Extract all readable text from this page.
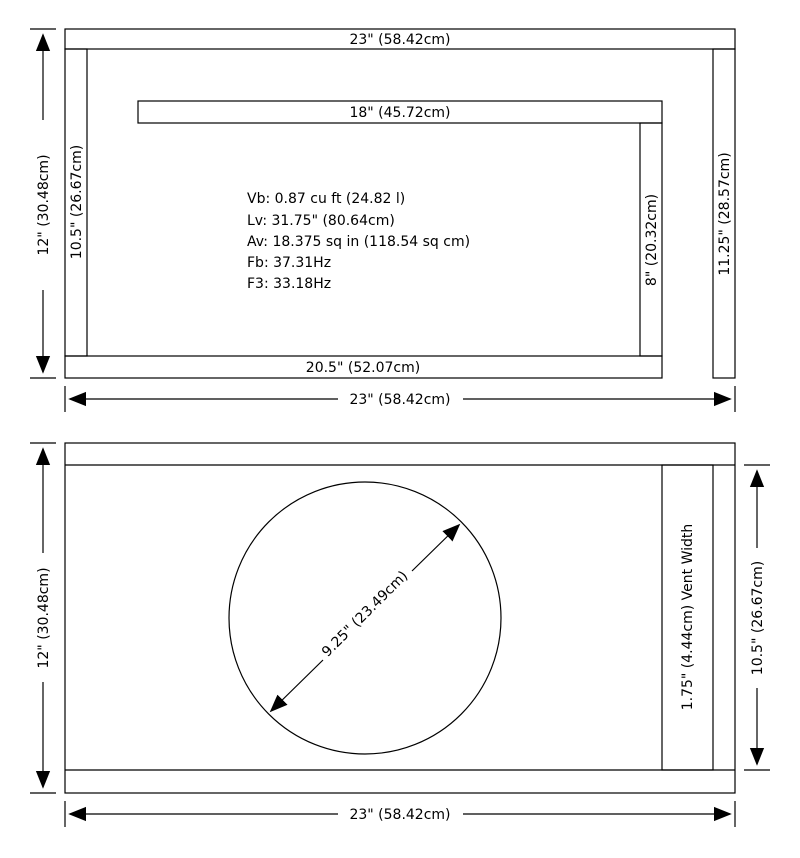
23" (58.42cm)
18" (45.72cm)
20.5" (52.07cm)
10.5" (26.67cm)	8" (20.32cm)	11.25" (28.57cm)
Vb: 0.87 cu ft (24.82 l)
Lv: 31.75" (80.64cm)
Av: 18.375 sq in (118.54 sq cm)
Fb: 37.31Hz
F3: 33.18Hz
12" (30.48cm)
23" (58.42cm)
9.25" (23.49cm)	1.75" (4.44cm) Vent Width
12" (30.48cm)	10.5" (26.67cm)
23" (58.42cm)
